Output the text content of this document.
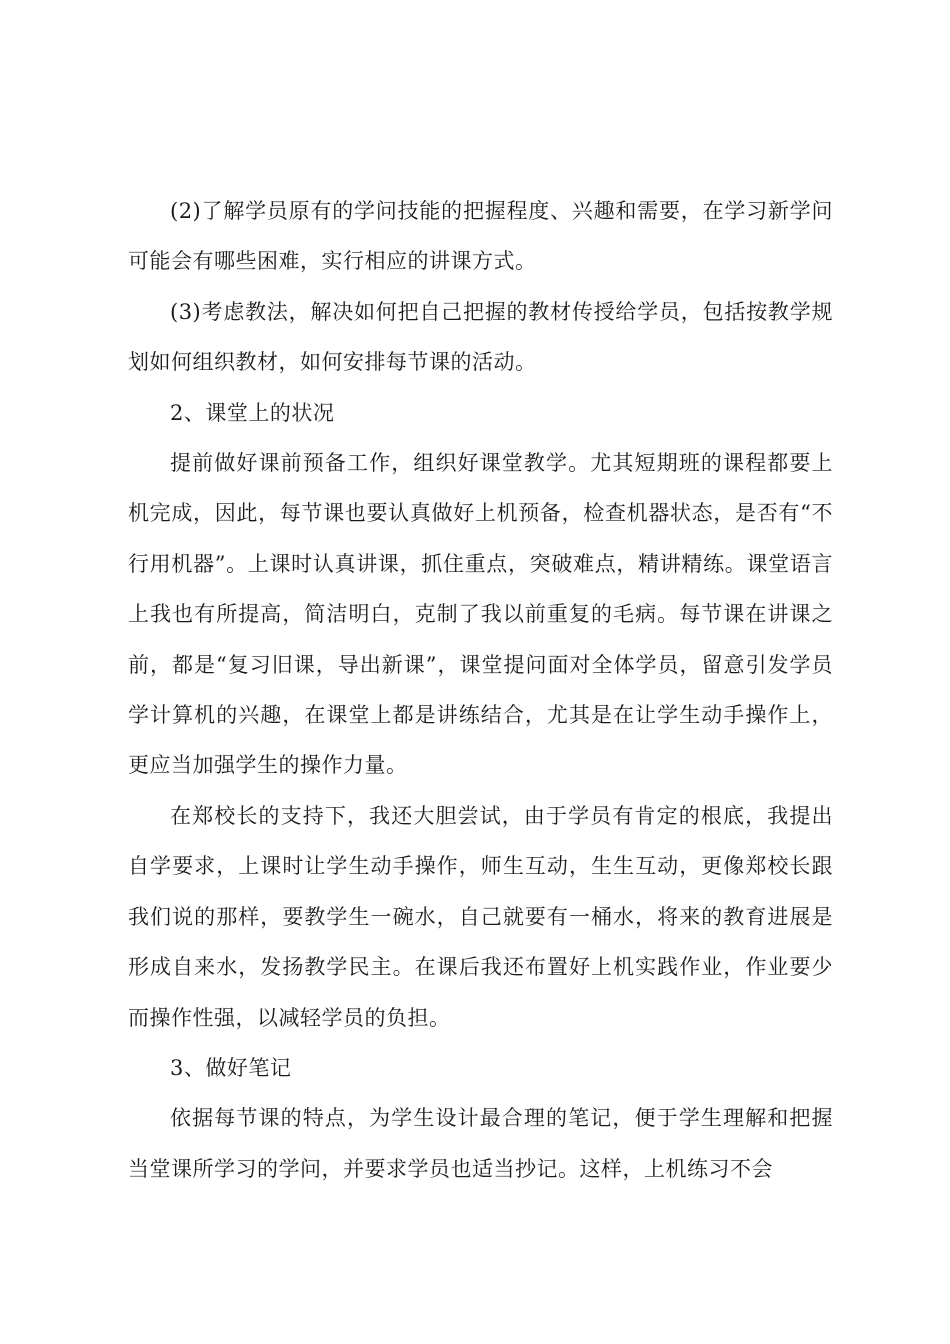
(2)了解学员原有的学问技能的把握程度、兴趣和需要，在学习新学问可能会有哪些困难，实行相应的讲课方式。

(3)考虑教法，解决如何把自己把握的教材传授给学员，包括按教学规划如何组织教材，如何安排每节课的活动。

2、课堂上的状况

提前做好课前预备工作，组织好课堂教学。尤其短期班的课程都要上机完成，因此，每节课也要认真做好上机预备，检查机器状态，是否有“不行用机器”。上课时认真讲课，抓住重点，突破难点，精讲精练。课堂语言上我也有所提高，简洁明白，克制了我以前重复的毛病。每节课在讲课之前，都是“复习旧课，导出新课”，课堂提问面对全体学员，留意引发学员学计算机的兴趣，在课堂上都是讲练结合，尤其是在让学生动手操作上，更应当加强学生的操作力量。

在郑校长的支持下，我还大胆尝试，由于学员有肯定的根底，我提出自学要求，上课时让学生动手操作，师生互动，生生互动，更像郑校长跟我们说的那样，要教学生一碗水，自己就要有一桶水，将来的教育进展是形成自来水，发扬教学民主。在课后我还布置好上机实践作业，作业要少而操作性强，以减轻学员的负担。

3、做好笔记

依据每节课的特点，为学生设计最合理的笔记，便于学生理解和把握当堂课所学习的学问，并要求学员也适当抄记。这样，上机练习不会
